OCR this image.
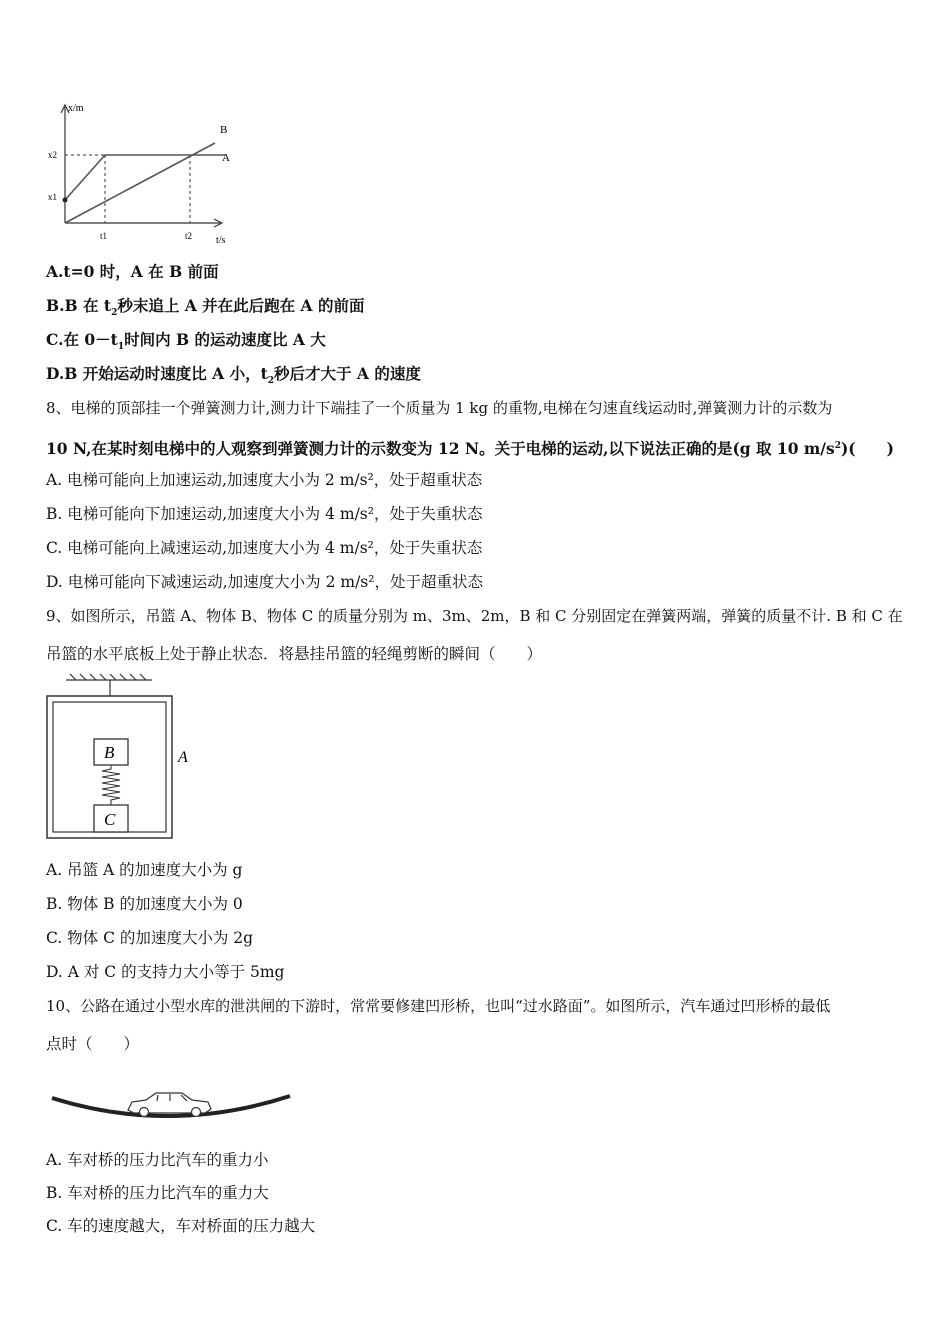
x/m
t/s
x2
x1
t1	t2
B
A
A.t=0 时，A 在 B 前面
B.B 在 $t_2$秒末追上 A 并在此后跑在 A 的前面
C.在 $0-t_1$时间内 B 的运动速度比 A 大
D.B 开始运动时速度比 A 小，$t_2$秒后才大于 A 的速度
8、电梯的顶部挂一个弹簧测力计,测力计下端挂了一个质量为 1 kg 的重物,电梯在匀速直线运动时,弹簧测力计的示数为
10 N,在某时刻电梯中的人观察到弹簧测力计的示数变为 12 N。关于电梯的运动,以下说法正确的是(g 取 10 $m/s^2$)(　　)
A. 电梯可能向上加速运动,加速度大小为 2 m/s²，处于超重状态
B. 电梯可能向下加速运动,加速度大小为 4 m/s²，处于失重状态
C. 电梯可能向上减速运动,加速度大小为 4 m/s²，处于失重状态
D. 电梯可能向下减速运动,加速度大小为 2 m/s²，处于超重状态
9、如图所示，吊篮 A、物体 B、物体 C 的质量分别为 m、3m、2m，B 和 C 分别固定在弹簧两端，弹簧的质量不计. B 和 C 在
吊篮的水平底板上处于静止状态．将悬挂吊篮的轻绳剪断的瞬间（　　）
B
C
A
A. 吊篮 A 的加速度大小为 g
B. 物体 B 的加速度大小为 0
C. 物体 C 的加速度大小为 2g
D. A 对 C 的支持力大小等于 5mg
10、公路在通过小型水库的泄洪闸的下游时，常常要修建凹形桥，也叫“过水路面”。如图所示，汽车通过凹形桥的最低
点时（　　）
A. 车对桥的压力比汽车的重力小
B. 车对桥的压力比汽车的重力大
C. 车的速度越大，车对桥面的压力越大
